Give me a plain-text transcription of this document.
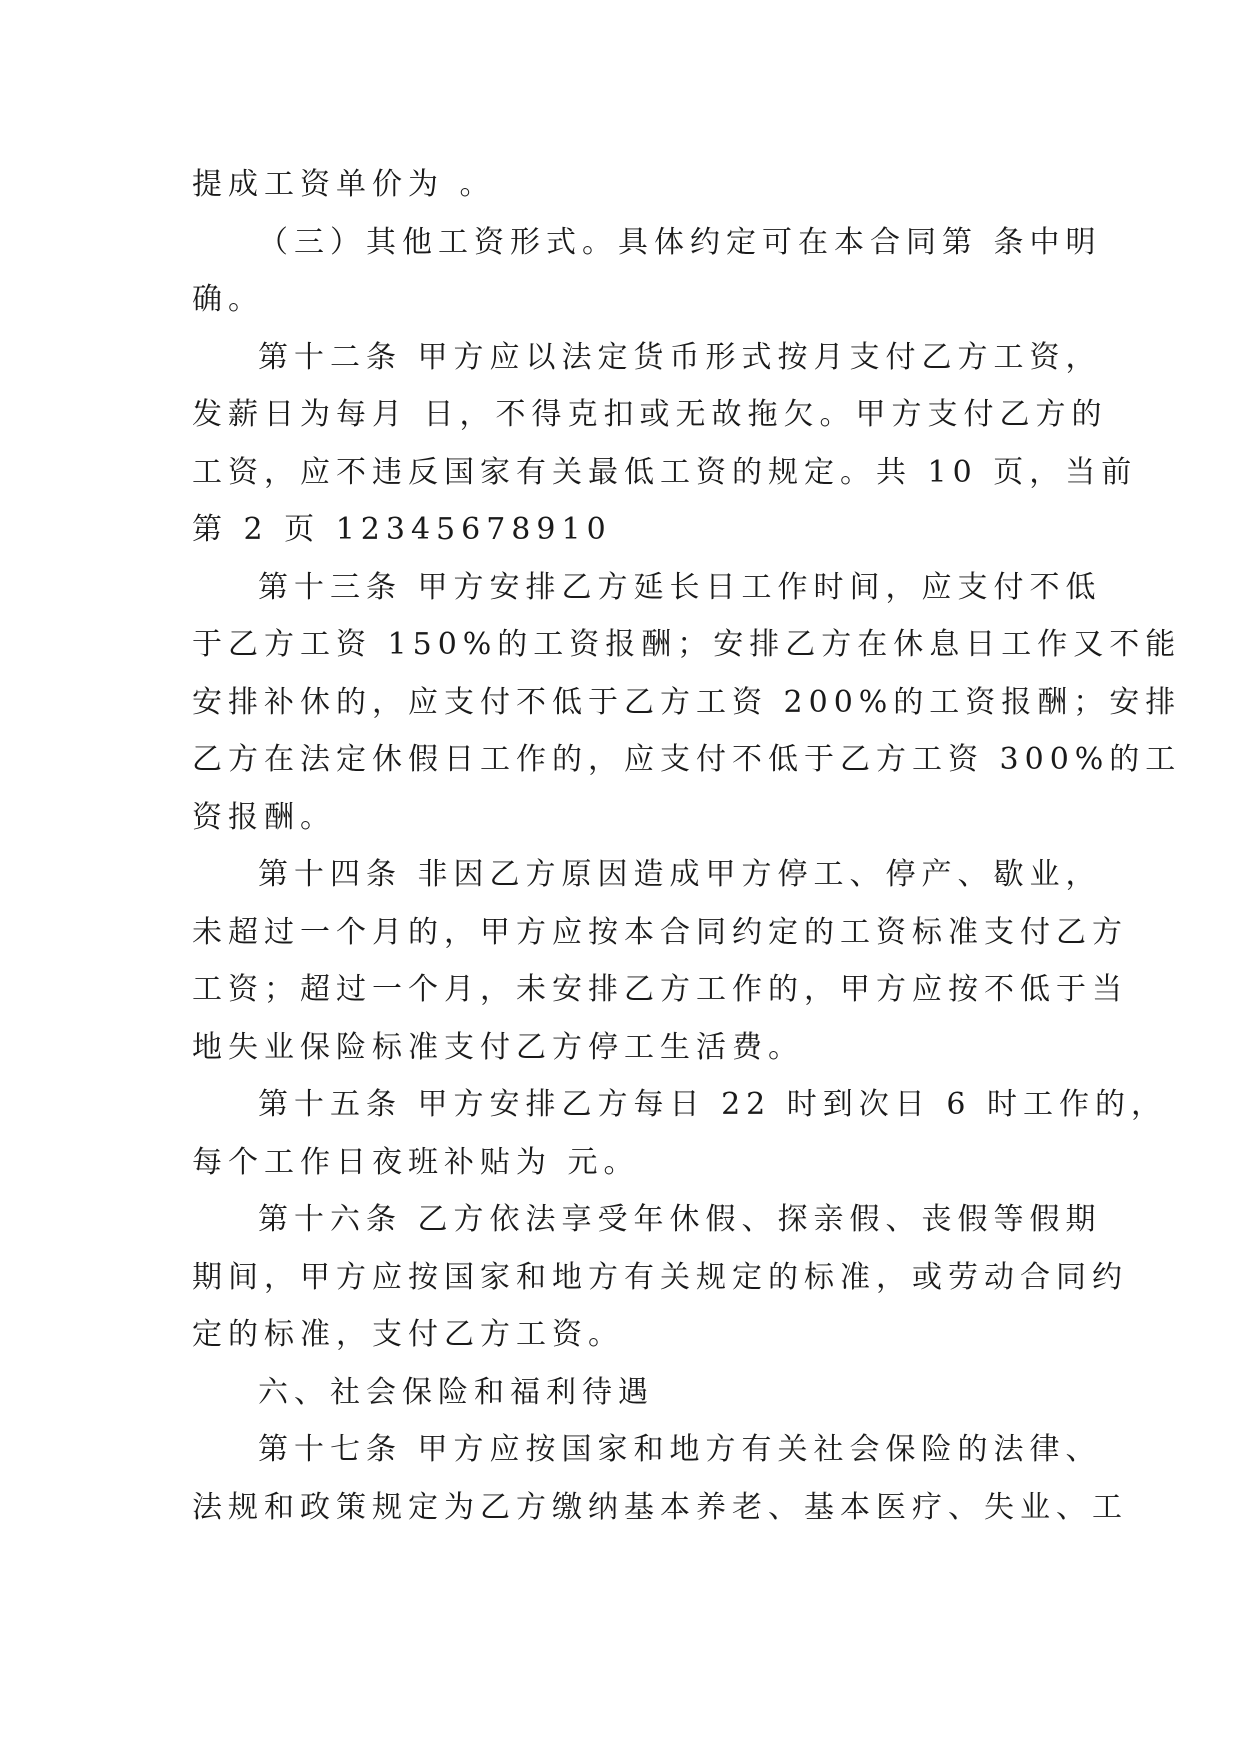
提成工资单价为 。
（三）其他工资形式。具体约定可在本合同第 条中明
确。
第十二条 甲方应以法定货币形式按月支付乙方工资，
发薪日为每月 日，不得克扣或无故拖欠。甲方支付乙方的
工资，应不违反国家有关最低工资的规定。共 10 页，当前
第 2 页 12345678910
第十三条 甲方安排乙方延长日工作时间，应支付不低
于乙方工资 150%的工资报酬；安排乙方在休息日工作又不能
安排补休的，应支付不低于乙方工资 200%的工资报酬；安排
乙方在法定休假日工作的，应支付不低于乙方工资 300%的工
资报酬。
第十四条 非因乙方原因造成甲方停工、停产、歇业，
未超过一个月的，甲方应按本合同约定的工资标准支付乙方
工资；超过一个月，未安排乙方工作的，甲方应按不低于当
地失业保险标准支付乙方停工生活费。
第十五条 甲方安排乙方每日 22 时到次日 6 时工作的，
每个工作日夜班补贴为 元。
第十六条 乙方依法享受年休假、探亲假、丧假等假期
期间，甲方应按国家和地方有关规定的标准，或劳动合同约
定的标准，支付乙方工资。
六、社会保险和福利待遇
第十七条 甲方应按国家和地方有关社会保险的法律、
法规和政策规定为乙方缴纳基本养老、基本医疗、失业、工
